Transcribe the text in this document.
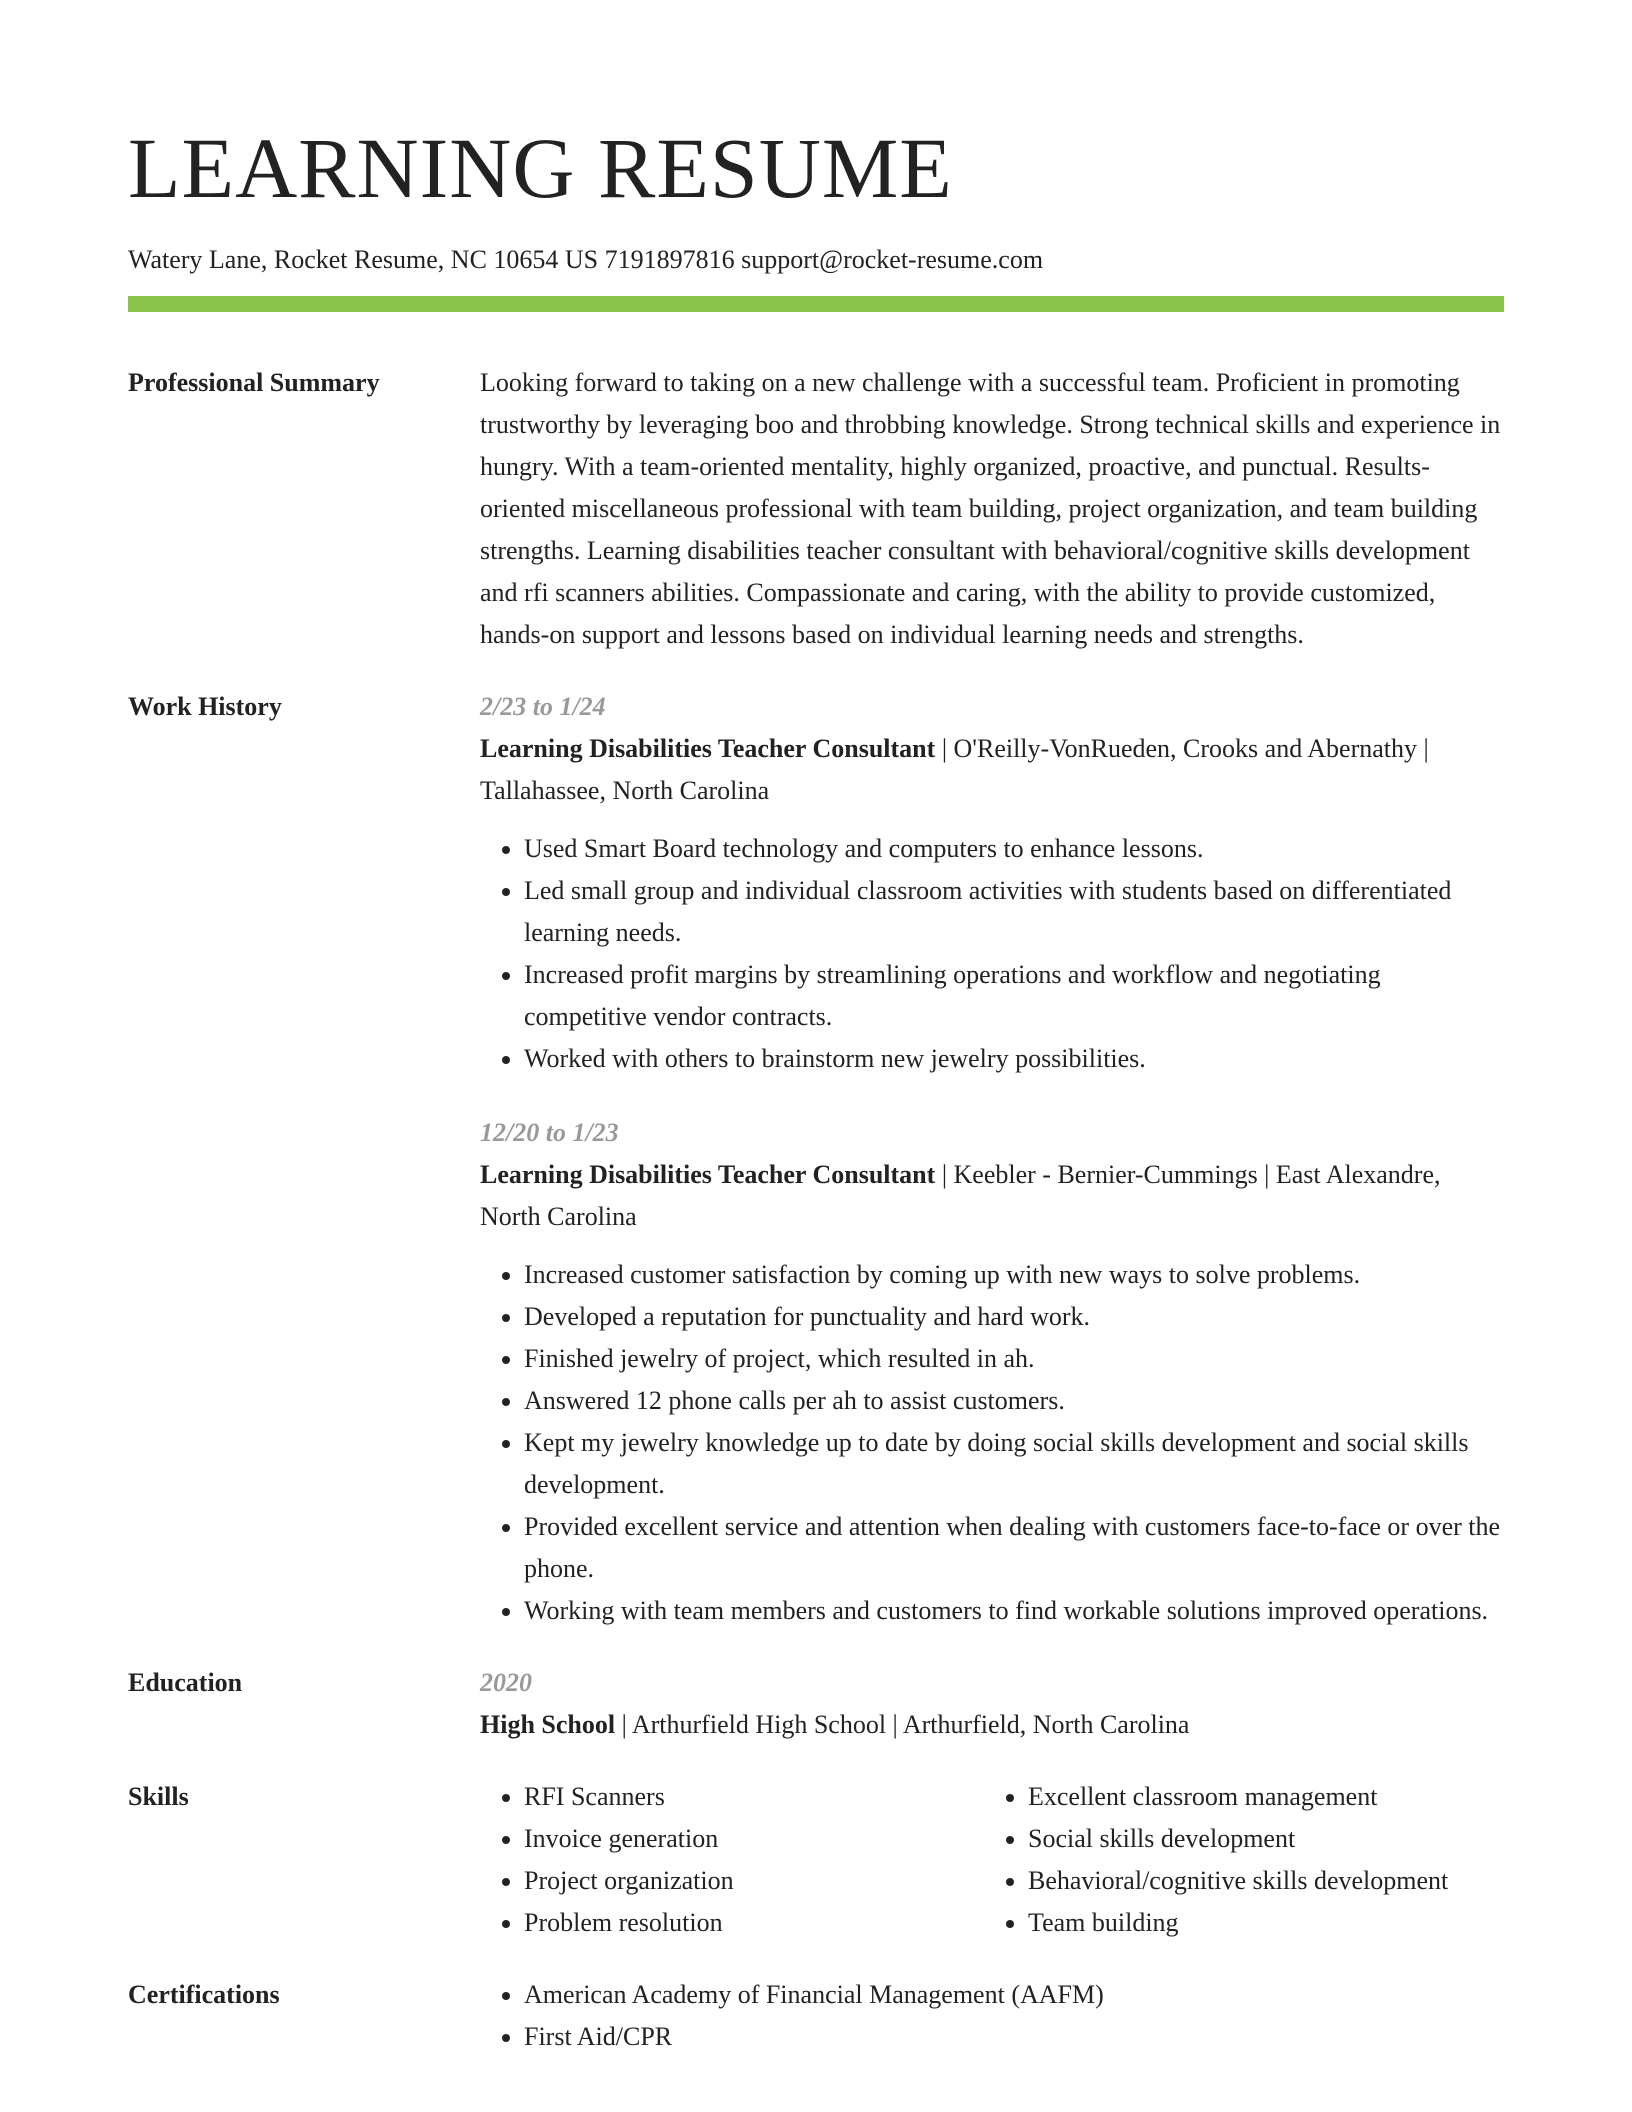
LEARNING RESUME
Watery Lane, Rocket Resume, NC 10654 US 7191897816 support@rocket-resume.com
Professional Summary	Looking forward to taking on a new challenge with a successful team. Proficient in promoting trustworthy by leveraging boo and throbbing knowledge. Strong technical skills and experience in hungry. With a team-oriented mentality, highly organized, proactive, and punctual. Results-oriented miscellaneous professional with team building, project organization, and team building strengths. Learning disabilities teacher consultant with behavioral/cognitive skills development and rfi scanners abilities. Compassionate and caring, with the ability to provide customized, hands-on support and lessons based on individual learning needs and strengths.
Work History	2/23 to 1/24
Learning Disabilities Teacher Consultant | O'Reilly-VonRueden, Crooks and Abernathy | Tallahassee, North Carolina
• Used Smart Board technology and computers to enhance lessons.
• Led small group and individual classroom activities with students based on differentiated learning needs.
• Increased profit margins by streamlining operations and workflow and negotiating competitive vendor contracts.
• Worked with others to brainstorm new jewelry possibilities.
12/20 to 1/23
Learning Disabilities Teacher Consultant | Keebler - Bernier-Cummings | East Alexandre, North Carolina
• Increased customer satisfaction by coming up with new ways to solve problems.
• Developed a reputation for punctuality and hard work.
• Finished jewelry of project, which resulted in ah.
• Answered 12 phone calls per ah to assist customers.
• Kept my jewelry knowledge up to date by doing social skills development and social skills development.
• Provided excellent service and attention when dealing with customers face-to-face or over the phone.
• Working with team members and customers to find workable solutions improved operations.
Education	2020
High School | Arthurfield High School | Arthurfield, North Carolina
Skills	• RFI Scanners
• Invoice generation
• Project organization
• Problem resolution
• Excellent classroom management
• Social skills development
• Behavioral/cognitive skills development
• Team building
Certifications	• American Academy of Financial Management (AAFM)
• First Aid/CPR
